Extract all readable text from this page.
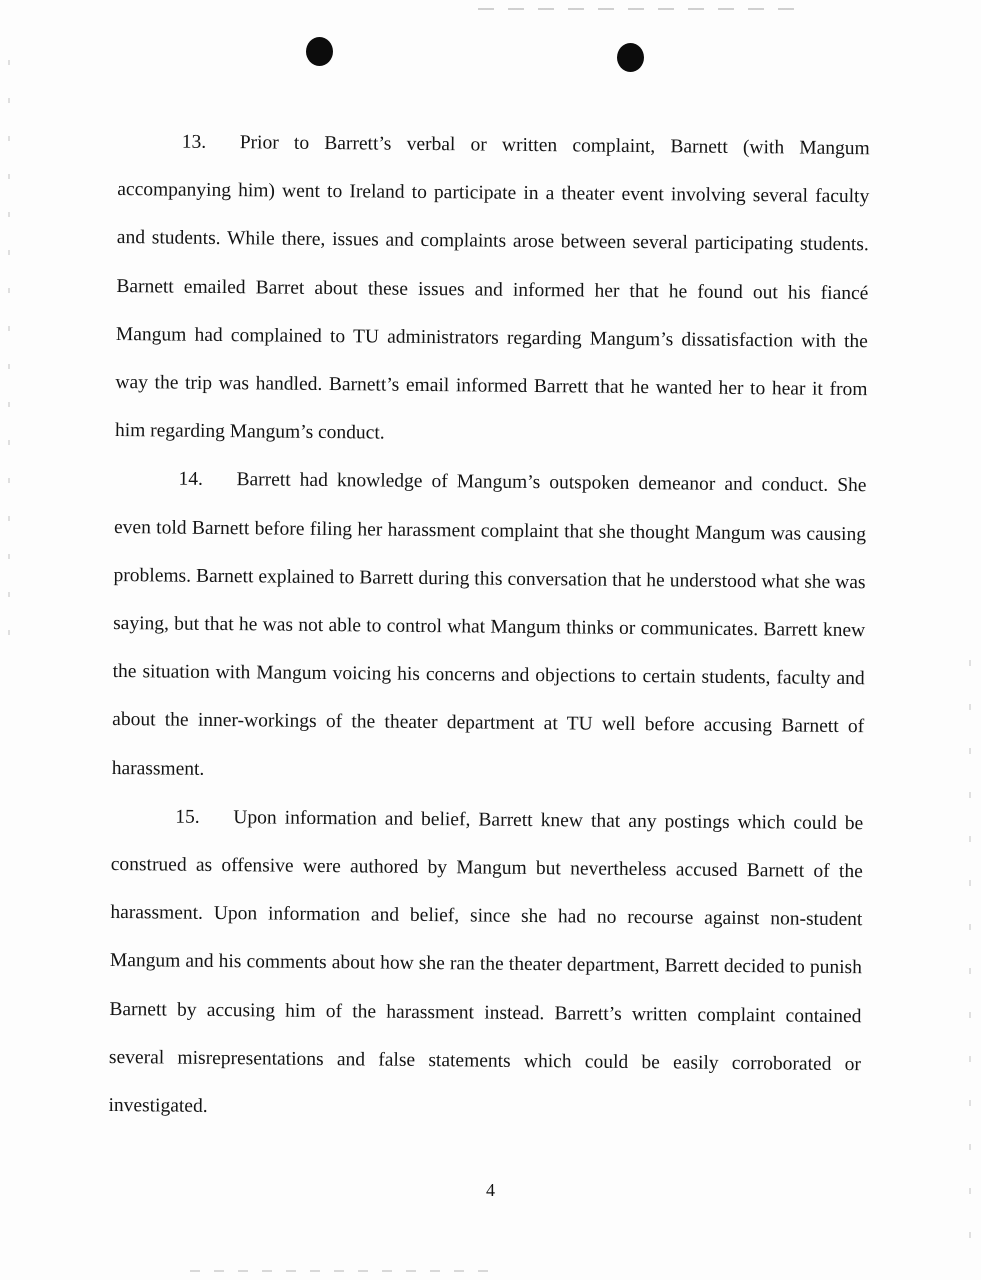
13. Prior to Barrett’s verbal or written complaint, Barnett (with Mangum accompanying him) went to Ireland to participate in a theater event involving several faculty and students. While there, issues and complaints arose between several participating students. Barnett emailed Barret about these issues and informed her that he found out his fiancé Mangum had complained to TU administrators regarding Mangum’s dissatisfaction with the way the trip was handled. Barnett’s email informed Barrett that he wanted her to hear it from him regarding Mangum’s conduct.

14. Barrett had knowledge of Mangum’s outspoken demeanor and conduct. She even told Barnett before filing her harassment complaint that she thought Mangum was causing problems. Barnett explained to Barrett during this conversation that he understood what she was saying, but that he was not able to control what Mangum thinks or communicates. Barrett knew the situation with Mangum voicing his concerns and objections to certain students, faculty and about the inner-workings of the theater department at TU well before accusing Barnett of harassment.

15. Upon information and belief, Barrett knew that any postings which could be construed as offensive were authored by Mangum but nevertheless accused Barnett of the harassment. Upon information and belief, since she had no recourse against non-student Mangum and his comments about how she ran the theater department, Barrett decided to punish Barnett by accusing him of the harassment instead. Barrett’s written complaint contained several misrepresentations and false statements which could be easily corroborated or investigated.

4
